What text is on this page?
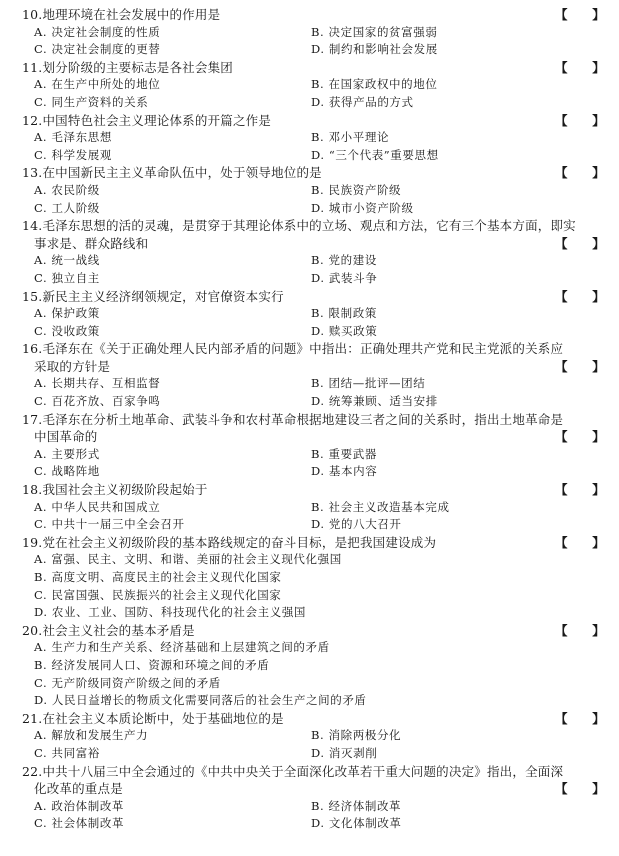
10.地理环境在社会发展中的作用是	【 】
A. 决定社会制度的性质	B. 决定国家的贫富强弱
C. 决定社会制度的更替	D. 制约和影响社会发展
11.划分阶级的主要标志是各社会集团	【 】
A. 在生产中所处的地位	B. 在国家政权中的地位
C. 同生产资料的关系	D. 获得产品的方式
12.中国特色社会主义理论体系的开篇之作是	【 】
A. 毛泽东思想	B. 邓小平理论
C. 科学发展观	D. “三个代表”重要思想
13.在中国新民主主义革命队伍中，处于领导地位的是	【 】
A. 农民阶级	B. 民族资产阶级
C. 工人阶级	D. 城市小资产阶级
14.毛泽东思想的活的灵魂，是贯穿于其理论体系中的立场、观点和方法，它有三个基本方面，即实
事求是、群众路线和	【 】
A. 统一战线	B. 党的建设
C. 独立自主	D. 武装斗争
15.新民主主义经济纲领规定，对官僚资本实行	【 】
A. 保护政策	B. 限制政策
C. 没收政策	D. 赎买政策
16.毛泽东在《关于正确处理人民内部矛盾的问题》中指出：正确处理共产党和民主党派的关系应
采取的方针是	【 】
A. 长期共存、互相监督	B. 团结—批评—团结
C. 百花齐放、百家争鸣	D. 统筹兼顾、适当安排
17.毛泽东在分析土地革命、武装斗争和农村革命根据地建设三者之间的关系时，指出土地革命是
中国革命的	【 】
A. 主要形式	B. 重要武器
C. 战略阵地	D. 基本内容
18.我国社会主义初级阶段起始于	【 】
A. 中华人民共和国成立	B. 社会主义改造基本完成
C. 中共十一届三中全会召开	D. 党的八大召开
19.党在社会主义初级阶段的基本路线规定的奋斗目标，是把我国建设成为	【 】
A. 富强、民主、文明、和谐、美丽的社会主义现代化强国
B. 高度文明、高度民主的社会主义现代化国家
C. 民富国强、民族振兴的社会主义现代化国家
D. 农业、工业、国防、科技现代化的社会主义强国
20.社会主义社会的基本矛盾是	【 】
A. 生产力和生产关系、经济基础和上层建筑之间的矛盾
B. 经济发展同人口、资源和环境之间的矛盾
C. 无产阶级同资产阶级之间的矛盾
D. 人民日益增长的物质文化需要同落后的社会生产之间的矛盾
21.在社会主义本质论断中，处于基础地位的是	【 】
A. 解放和发展生产力	B. 消除两极分化
C. 共同富裕	D. 消灭剥削
22.中共十八届三中全会通过的《中共中央关于全面深化改革若干重大问题的决定》指出，全面深
化改革的重点是	【 】
A. 政治体制改革	B. 经济体制改革
C. 社会体制改革	D. 文化体制改革
